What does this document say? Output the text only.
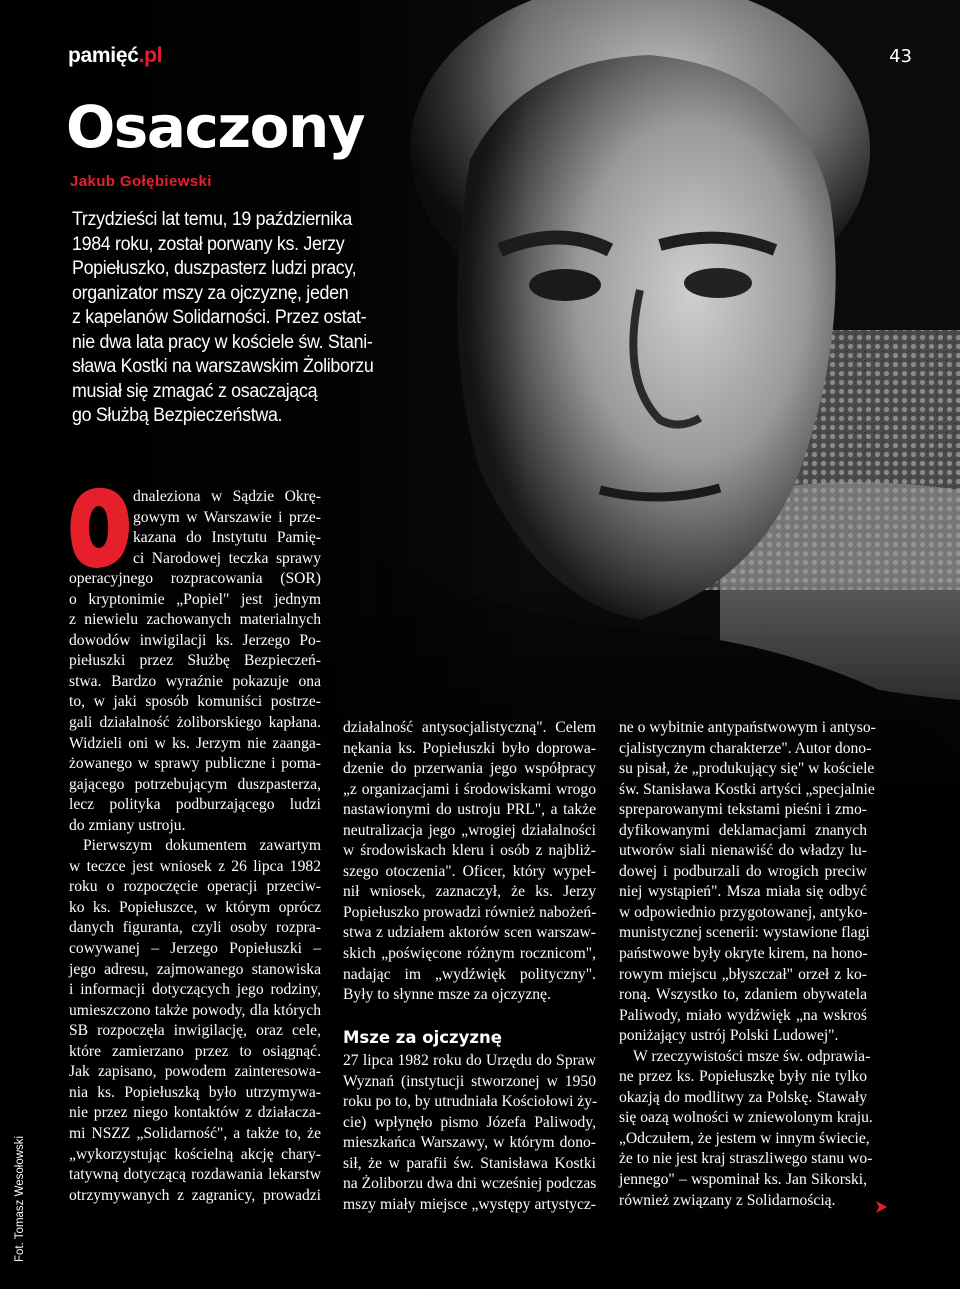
pamięć.pl	43
Osaczony
Jakub Gołębiewski
Trzydzieści lat temu, 19 października
1984 roku, został porwany ks. Jerzy
Popiełuszko, duszpasterz ludzi pracy,
organizator mszy za ojczyznę, jeden
z kapelanów Solidarności. Przez ostat-
nie dwa lata pracy w kościele św. Stani-
sława Kostki na warszawskim Żoliborzu
musiał się zmagać z osaczającą
go Służbą Bezpieczeństwa.
O
dnaleziona w Sądzie Okrę-
gowym w Warszawie i prze-
kazana do Instytutu Pamię-
ci Narodowej teczka sprawy
operacyjnego rozpracowania (SOR)
o kryptonimie „Popiel" jest jednym
z niewielu zachowanych materialnych
dowodów inwigilacji ks. Jerzego Po-
piełuszki przez Służbę Bezpieczeń-
stwa. Bardzo wyraźnie pokazuje ona
to, w jaki sposób komuniści postrze-
gali działalność żoliborskiego kapłana.
Widzieli oni w ks. Jerzym nie zaanga-
żowanego w sprawy publiczne i poma-
gającego potrzebującym duszpasterza,
lecz polityka podburzającego ludzi
do zmiany ustroju.
Pierwszym dokumentem zawartym
w teczce jest wniosek z 26 lipca 1982
roku o rozpoczęcie operacji przeciw-
ko ks. Popiełuszce, w którym oprócz
danych figuranta, czyli osoby rozpra-
cowywanej – Jerzego Popiełuszki –
jego adresu, zajmowanego stanowiska
i informacji dotyczących jego rodziny,
umieszczono także powody, dla których
SB rozpoczęła inwigilację, oraz cele,
które zamierzano przez to osiągnąć.
Jak zapisano, powodem zainteresowa-
nia ks. Popiełuszką było utrzymywa-
nie przez niego kontaktów z działacza-
mi NSZZ „Solidarność", a także to, że
„wykorzystując kościelną akcję chary-
tatywną dotyczącą rozdawania lekarstw
otrzymywanych z zagranicy, prowadzi
działalność antysocjalistyczną". Celem
nękania ks. Popiełuszki było doprowa-
dzenie do przerwania jego współpracy
„z organizacjami i środowiskami wrogo
nastawionymi do ustroju PRL", a także
neutralizacja jego „wrogiej działalności
w środowiskach kleru i osób z najbliż-
szego otoczenia". Oficer, który wypeł-
nił wniosek, zaznaczył, że ks. Jerzy
Popiełuszko prowadzi również nabożeń-
stwa z udziałem aktorów scen warszaw-
skich „poświęcone różnym rocznicom",
nadając im „wydźwięk polityczny".
Były to słynne msze za ojczyznę.
Msze za ojczyznę
27 lipca 1982 roku do Urzędu do Spraw
Wyznań (instytucji stworzonej w 1950
roku po to, by utrudniała Kościołowi ży-
cie) wpłynęło pismo Józefa Paliwody,
mieszkańca Warszawy, w którym dono-
sił, że w parafii św. Stanisława Kostki
na Żoliborzu dwa dni wcześniej podczas
mszy miały miejsce „występy artystycz-
ne o wybitnie antypaństwowym i antyso-
cjalistycznym charakterze". Autor dono-
su pisał, że „produkujący się" w kościele
św. Stanisława Kostki artyści „specjalnie
spreparowanymi tekstami pieśni i zmo-
dyfikowanymi deklamacjami znanych
utworów siali nienawiść do władzy lu-
dowej i podburzali do wrogich preciw
niej wystąpień". Msza miała się odbyć
w odpowiednio przygotowanej, antyko-
munistycznej scenerii: wystawione flagi
państwowe były okryte kirem, na hono-
rowym miejscu „błyszczał" orzeł z ko-
roną. Wszystko to, zdaniem obywatela
Paliwody, miało wydźwięk „na wskroś
poniżający ustrój Polski Ludowej".
W rzeczywistości msze św. odprawia-
ne przez ks. Popiełuszkę były nie tylko
okazją do modlitwy za Polskę. Stawały
się oazą wolności w zniewolonym kraju.
„Odczułem, że jestem w innym świecie,
że to nie jest kraj straszliwego stanu wo-
jennego" – wspominał ks. Jan Sikorski,
również związany z Solidarnością.
Fot. Tomasz Wesołowski
